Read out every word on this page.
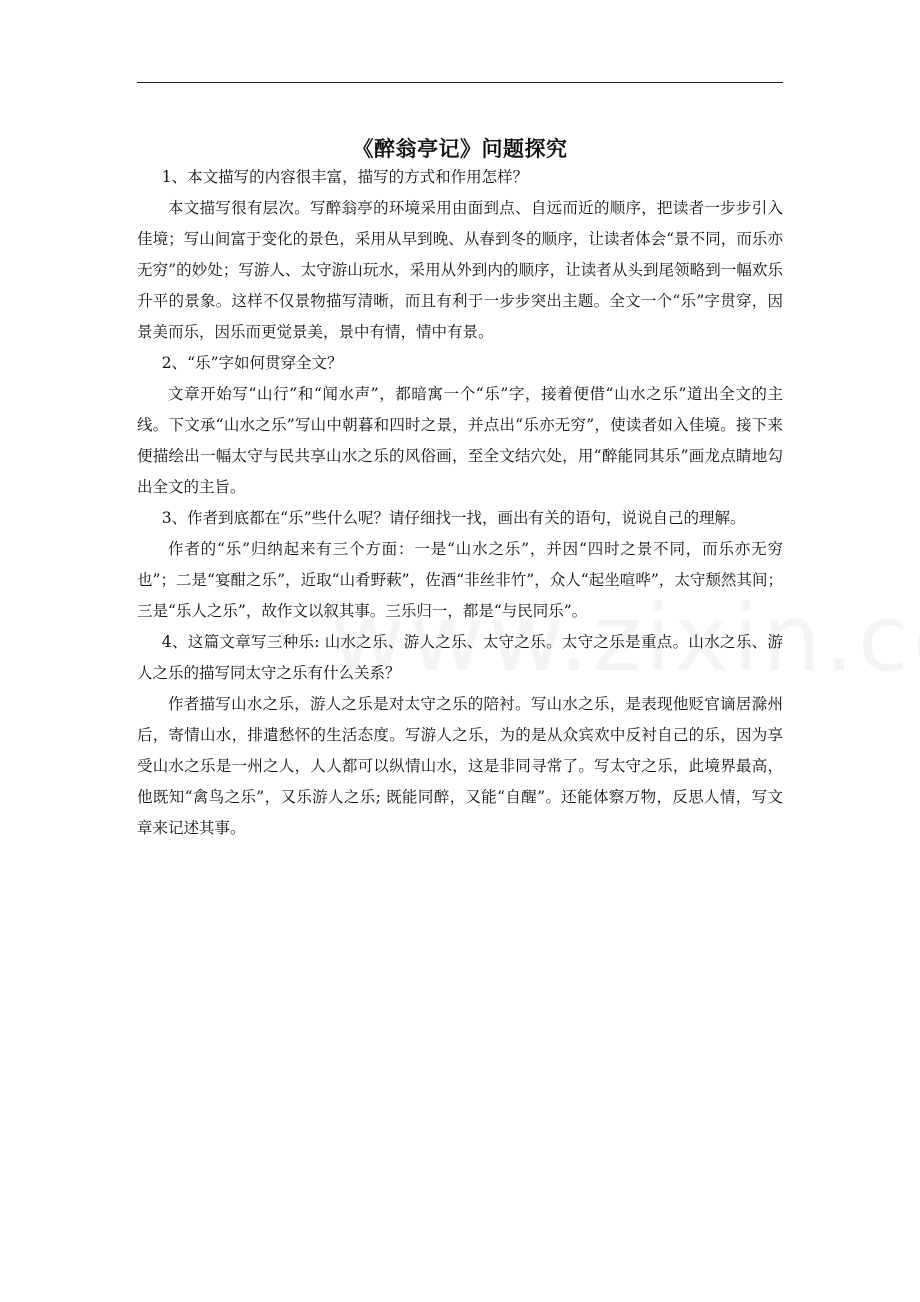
《醉翁亭记》问题探究

1、本文描写的内容很丰富，描写的方式和作用怎样？

本文描写很有层次。写醉翁亭的环境采用由面到点、自远而近的顺序，把读者一步步引入佳境；写山间富于变化的景色，采用从早到晚、从春到冬的顺序，让读者体会“景不同，而乐亦无穷”的妙处；写游人、太守游山玩水，采用从外到内的顺序，让读者从头到尾领略到一幅欢乐升平的景象。这样不仅景物描写清晰，而且有利于一步步突出主题。全文一个“乐”字贯穿，因景美而乐，因乐而更觉景美，景中有情，情中有景。

2、“乐”字如何贯穿全文？

文章开始写“山行”和“闻水声”，都暗寓一个“乐”字，接着便借“山水之乐”道出全文的主线。下文承“山水之乐”写山中朝暮和四时之景，并点出“乐亦无穷”，使读者如入佳境。接下来便描绘出一幅太守与民共享山水之乐的风俗画，至全文结穴处，用“醉能同其乐”画龙点睛地勾出全文的主旨。

3、作者到底都在“乐”些什么呢？请仔细找一找，画出有关的语句，说说自己的理解。

作者的“乐”归纳起来有三个方面：一是“山水之乐”，并因“四时之景不同，而乐亦无穷也”；二是“宴酣之乐”，近取“山肴野蔌”，佐酒“非丝非竹”，众人“起坐喧哗”，太守颓然其间；三是“乐人之乐”，故作文以叙其事。三乐归一，都是“与民同乐”。

4、这篇文章写三种乐: 山水之乐、游人之乐、太守之乐。太守之乐是重点。山水之乐、游人之乐的描写同太守之乐有什么关系？

作者描写山水之乐，游人之乐是对太守之乐的陪衬。写山水之乐，是表现他贬官谪居滁州后，寄情山水，排遣愁怀的生活态度。写游人之乐，为的是从众宾欢中反衬自己的乐，因为享受山水之乐是一州之人，人人都可以纵情山水，这是非同寻常了。写太守之乐，此境界最高，他既知“禽鸟之乐”，又乐游人之乐; 既能同醉，又能“自醒”。还能体察万物，反思人情，写文章来记述其事。
